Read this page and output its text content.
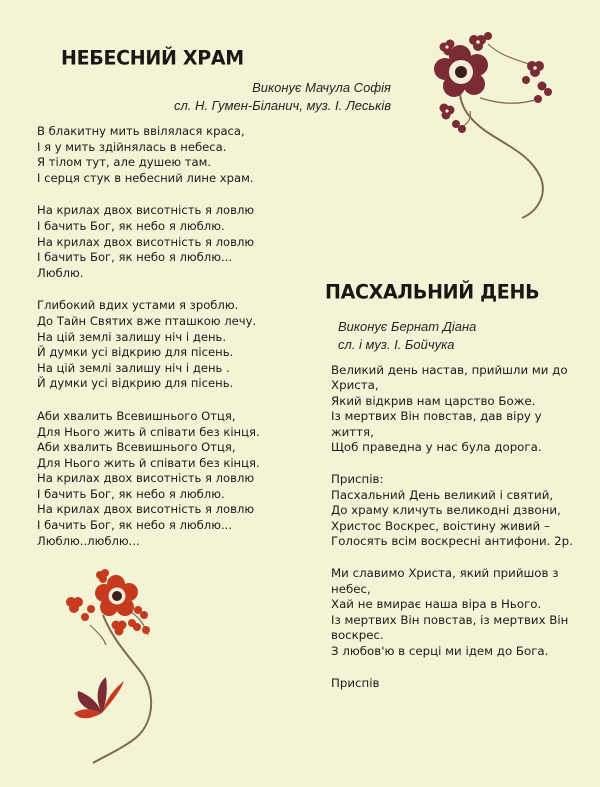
НЕБЕСНИЙ ХРАМ

Виконує Мачула Софія

сл. Н. Гумен-Біланич, муз. І. Леськів

В блакитну мить ввілялася краса,
І я у мить здійнялась в небеса.
Я тілом тут, але душею там.
І серця стук в небесний лине храм.
На крилах двох висотність я ловлю
І бачить Бог, як небо я люблю.
На крилах двох висотність я ловлю
І бачить Бог, як небо я люблю...
Люблю.
Глибокий вдих устами я зроблю.
До Тайн Святих вже пташкою лечу.
На цій землі залишу ніч і день.
Й думки усі відкрию для пісень.
На цій землі залишу ніч і день .
Й думки усі відкрию для пісень.
Аби хвалить Всевишнього Отця,
Для Нього жить й співати без кінця.
Аби хвалить Всевишнього Отця,
Для Нього жить й співати без кінця.
На крилах двох висотність я ловлю
І бачить Бог, як небо я люблю.
На крилах двох висотність я ловлю
І бачить Бог, як небо я люблю...
Люблю..люблю...
ПАСХАЛЬНИЙ ДЕНЬ

Виконує Бернат Діана

сл. і муз. І. Бойчука

Великий день настав, прийшли ми до Христа,
Який відкрив нам царство Боже.
Із мертвих Він повстав, дав віру у життя,
Щоб праведна у нас була дорога.
Приспів:
Пасхальний День великий і святий,
До храму кличуть великодні дзвони,
Христос Воскрес, воістину живий –
Голосять всім воскресні антифони. 2р.
Ми славимо Христа, який прийшов з небес,
Хай не вмирає наша віра в Нього.
Із мертвих Він повстав, із мертвих Він воскрес.
З любов'ю в серці ми ідем до Бога.
Приспів
